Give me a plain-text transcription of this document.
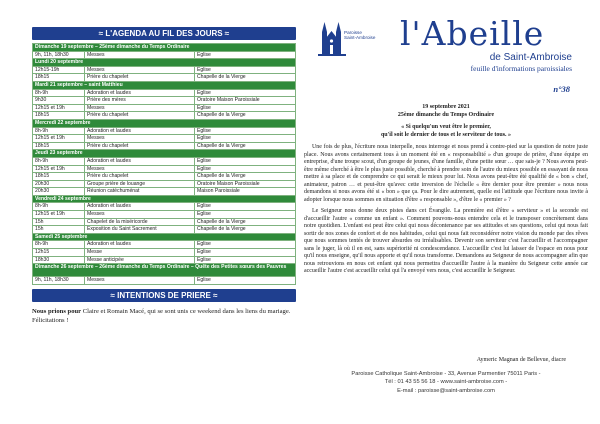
≈ L'AGENDA AU FIL DES JOURS ≈
Dimanche 19 septembre – 25ème dimanche du Temps Ordinaire		
9h, 11h, 18h30	Messes	Eglise
Lundi 20 septembre		
12h15-19h	Messes	Eglise
18h15	Prière du chapelet	Chapelle de la Vierge
Mardi 21 septembre – saint Matthieu		
8h-9h	Adoration et laudes	Eglise
9h30	Prière des mères	Oratoire Maison Paroissiale
12h15 et 19h	Messes	Eglise
18h15	Prière du chapelet	Chapelle de la Vierge
Mercredi 22 septembre		
8h-9h	Adoration et laudes	Eglise
12h15 et 19h	Messes	Eglise
18h15	Prière du chapelet	Chapelle de la Vierge
Jeudi 23 septembre		
8h-9h	Adoration et laudes	Eglise
12h15 et 19h	Messes	Eglise
18h15	Prière du chapelet	Chapelle de la Vierge
20h30	Groupe prière de louange	Oratoire Maison Paroissiale
20h30	Réunion catéchuménat	Maison Paroissiale
Vendredi 24 septembre		
8h-9h	Adoration et laudes	Eglise
12h15 et 19h	Messes	Eglise
15h	Chapelet de la miséricorde	Chapelle de la Vierge
15h	Exposition du Saint Sacrement	Chapelle de la Vierge
Samedi 25 septembre		
8h-9h	Adoration et laudes	Eglise
12h15	Messe	Eglise
18h30	Messe anticipée	Eglise
Dimanche 26 septembre – 26ème dimanche du Temps Ordinaire – Quête des Petites sœurs des Pauvres		
9h, 11h, 18h30	Messes	Eglise
≈ INTENTIONS DE PRIERE ≈
Nous prions pour Claire et Romain Macé, qui se sont unis ce weekend dans les liens du mariage. Félicitations !
Paroisse
Saint-Ambroise l'Abeille
de Saint-Ambroise
feuille d'informations paroissiales
n°38
19 septembre 2021
25ème dimanche du Temps Ordinaire
« Si quelqu'un veut être le premier,
qu'il soit le dernier de tous et le serviteur de tous. »

Une fois de plus, l'écriture nous interpelle, nous interroge et nous prend à contre-pied sur la question de notre juste place. Nous avons certainement tous à un moment été en « responsabilité » d'un groupe de prière, d'une équipe en entreprise, d'une troupe scout, d'un groupe de jeunes, d'une famille, d'une petite sœur … que sais-je ? Nous avons peut-être même cherché à être le plus juste possible, cherché à prendre soin de l'autre du mieux possible en essayant de nous mettre à sa place et de comprendre ce qui serait le mieux pour lui. Nous avons peut-être été qualifié de « bon » chef, animateur, patron … et peut-être qu'avec cette inversion de l'échelle « être dernier pour être premier » nous nous demandons si nous avons été si « bon » que ça. Pour le dire autrement, quelle est l'attitude que l'écriture nous invite à adopter lorsque nous sommes en situation d'être « responsable », d'être le « premier » ?

Le Seigneur nous donne deux pistes dans cet Évangile. La première est d'être « serviteur » et la seconde est d'accueillir l'autre « comme un enfant ». Comment pouvons-nous entendre cela et le transposer concrètement dans notre quotidien. L'enfant est peut être celui qui nous décontenance par ses attitudes et ses questions, celui qui nous fait sortir de nos zones de confort et de nos habitudes, celui qui nous fait reconsidérer notre vision du monde par des rêves que nous sommes tentés de trouver absurdes ou irréalisables. Devenir son serviteur c'est l'accueillir et l'accompagner sans le juger, là où il en est, sans supériorité ni condescendance. L'accueillir c'est lui laisser de l'espace en nous pour qu'il nous enseigne, qu'il nous apporte et qu'il nous transforme. Demandons au Seigneur de nous accompagner afin que nous retrouvions en nous cet enfant qui nous permettra d'accueillir l'autre à la manière du Seigneur cette année car accueillir l'autre c'est accueillir celui qui l'a envoyé vers nous, c'est accueillir le Seigneur.

Aymeric Magnan de Bellevue, diacre
Paroisse Catholique Saint-Ambroise - 33, Avenue Parmentier 75011 Paris -
Tél : 01 43 55 56 18 - www.saint-ambroise.com -
E-mail : paroisse@saint-ambroise.com
